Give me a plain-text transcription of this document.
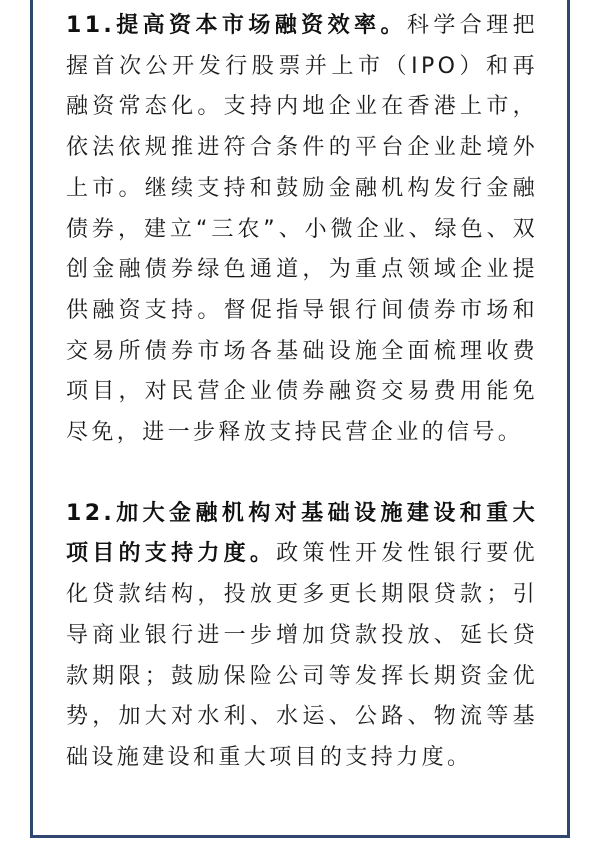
11.提高资本市场融资效率。科学合理把握首次公开发行股票并上市（IPO）和再融资常态化。支持内地企业在香港上市，依法依规推进符合条件的平台企业赴境外上市。继续支持和鼓励金融机构发行金融债券，建立“三农”、小微企业、绿色、双创金融债券绿色通道，为重点领域企业提供融资支持。督促指导银行间债券市场和交易所债券市场各基础设施全面梳理收费项目，对民营企业债券融资交易费用能免尽免，进一步释放支持民营企业的信号。

12.加大金融机构对基础设施建设和重大项目的支持力度。政策性开发性银行要优化贷款结构，投放更多更长期限贷款；引导商业银行进一步增加贷款投放、延长贷款期限；鼓励保险公司等发挥长期资金优势，加大对水利、水运、公路、物流等基础设施建设和重大项目的支持力度。
